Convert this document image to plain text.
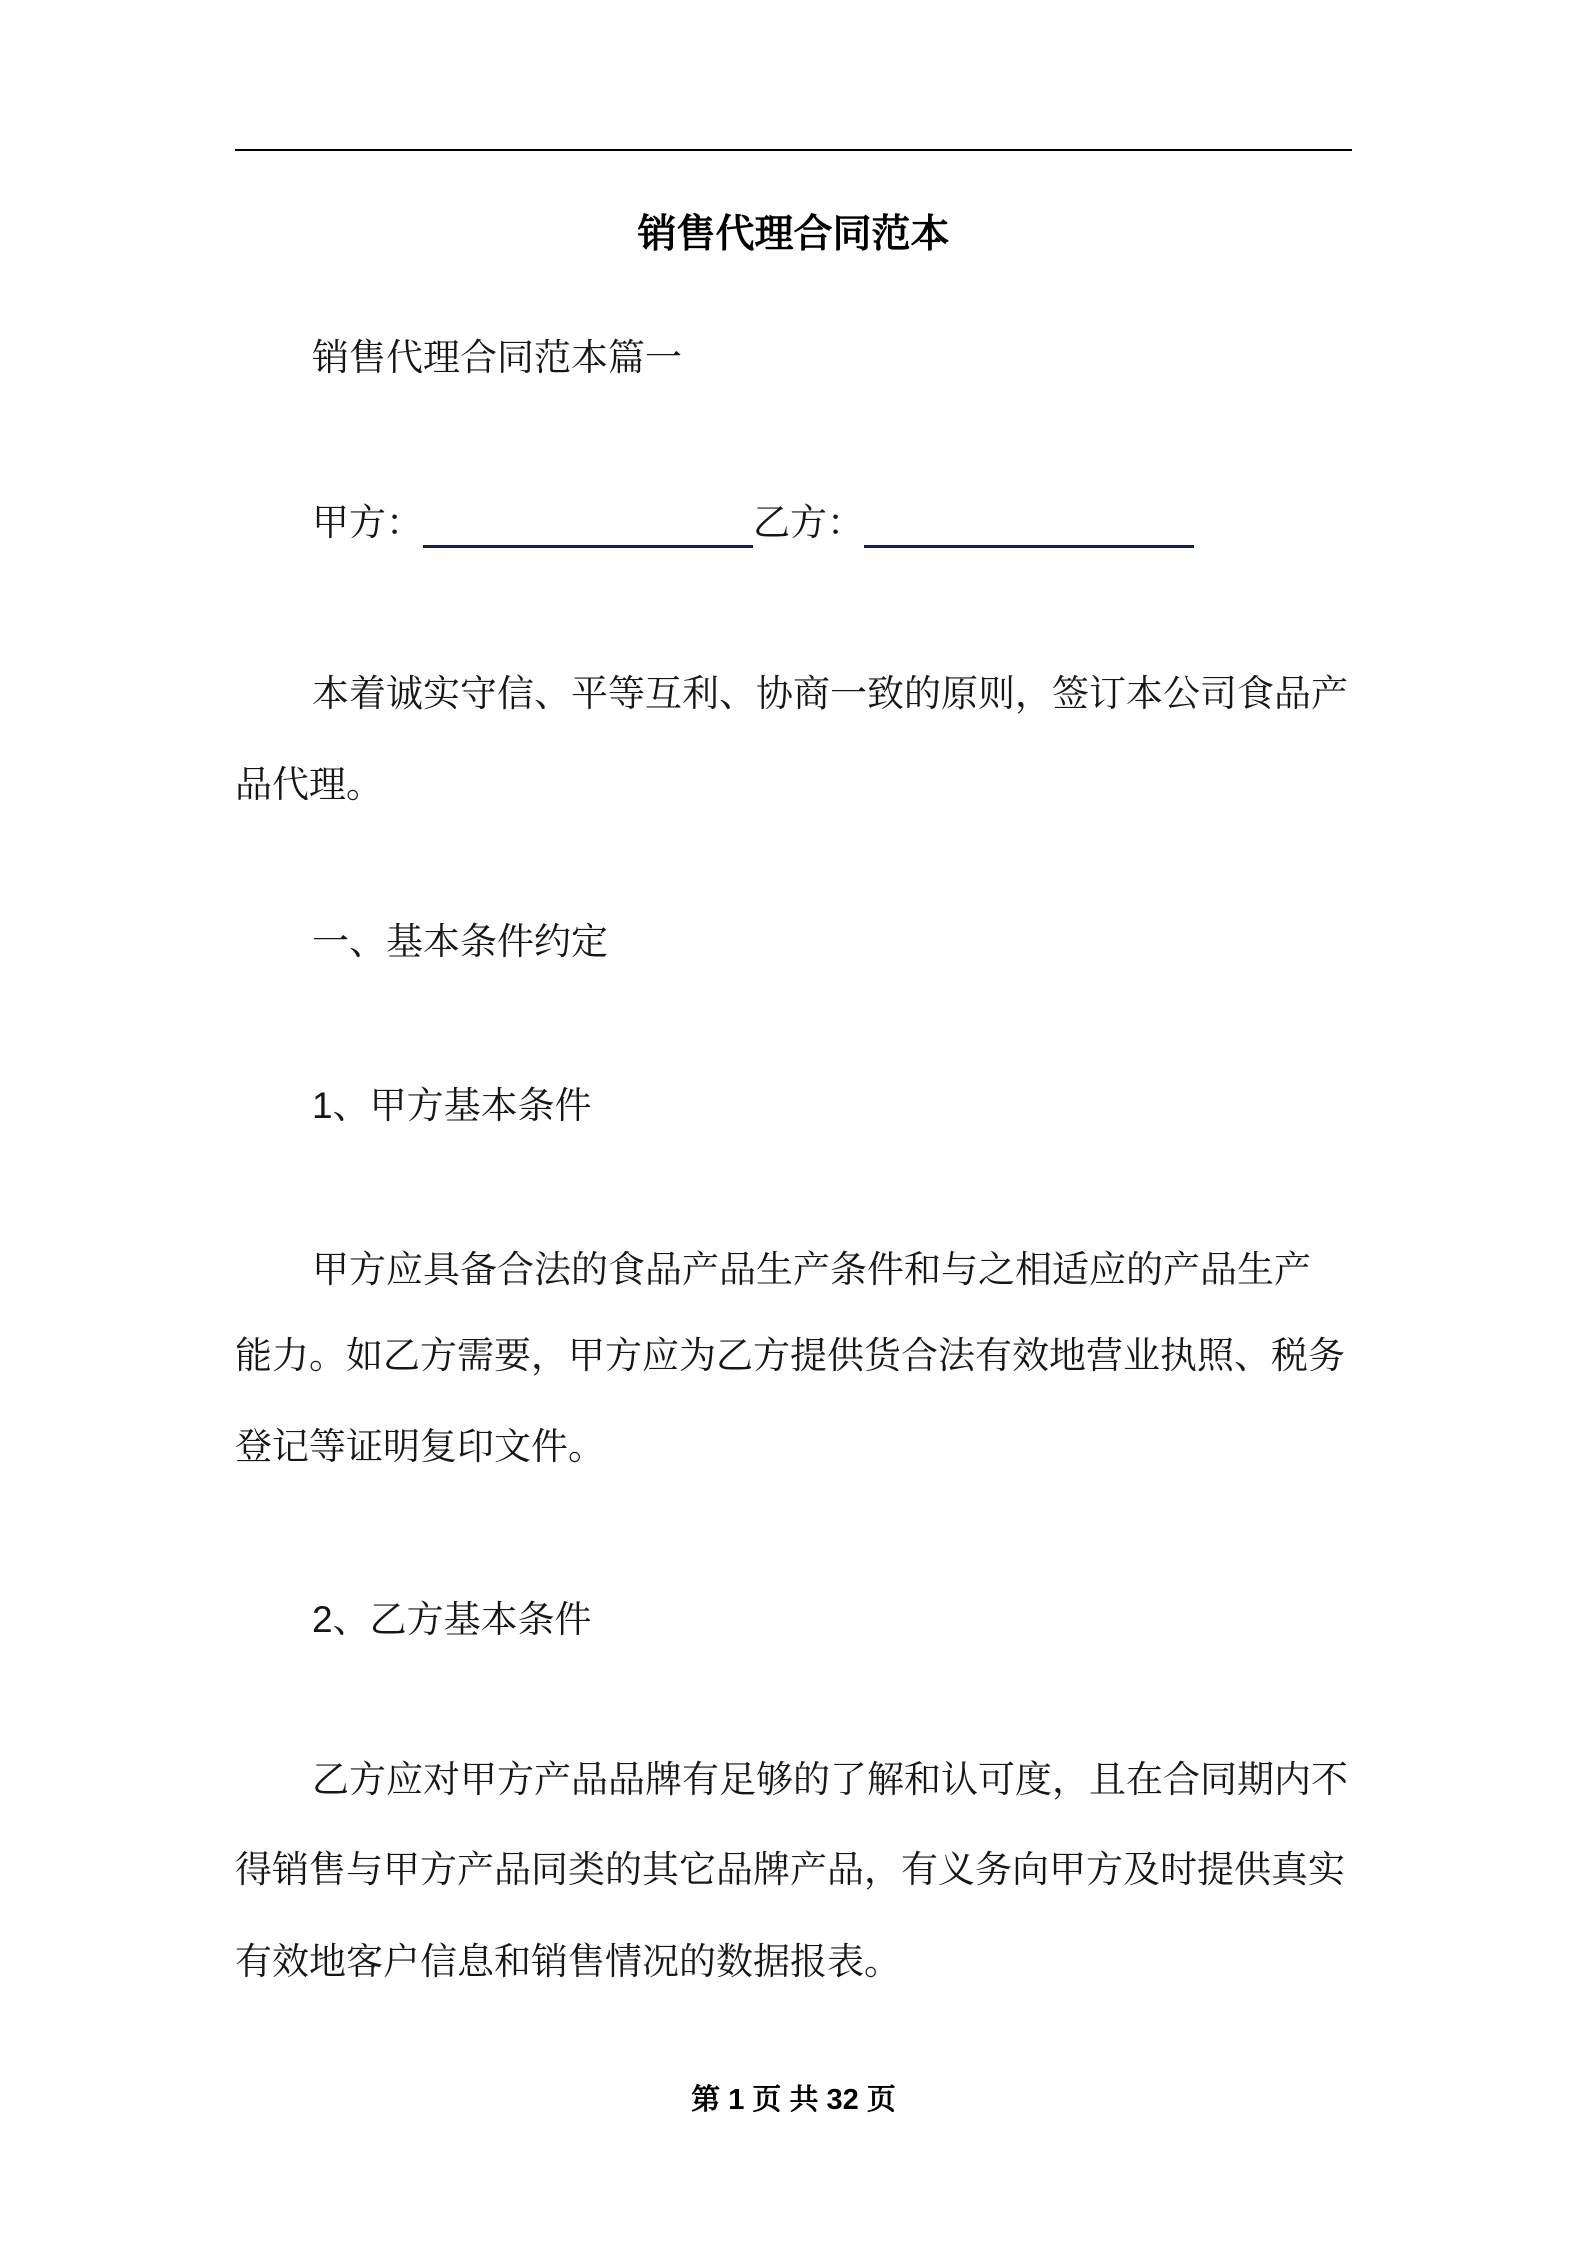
销售代理合同范本
销售代理合同范本篇一
甲方：	乙方：
本着诚实守信、平等互利、协商一致的原则，签订本公司食品产
品代理。
一、基本条件约定
1、甲方基本条件
甲方应具备合法的食品产品生产条件和与之相适应的产品生产
能力。如乙方需要，甲方应为乙方提供货合法有效地营业执照、税务
登记等证明复印文件。
2、乙方基本条件
乙方应对甲方产品品牌有足够的了解和认可度，且在合同期内不
得销售与甲方产品同类的其它品牌产品，有义务向甲方及时提供真实
有效地客户信息和销售情况的数据报表。
第 1 页 共 32 页
